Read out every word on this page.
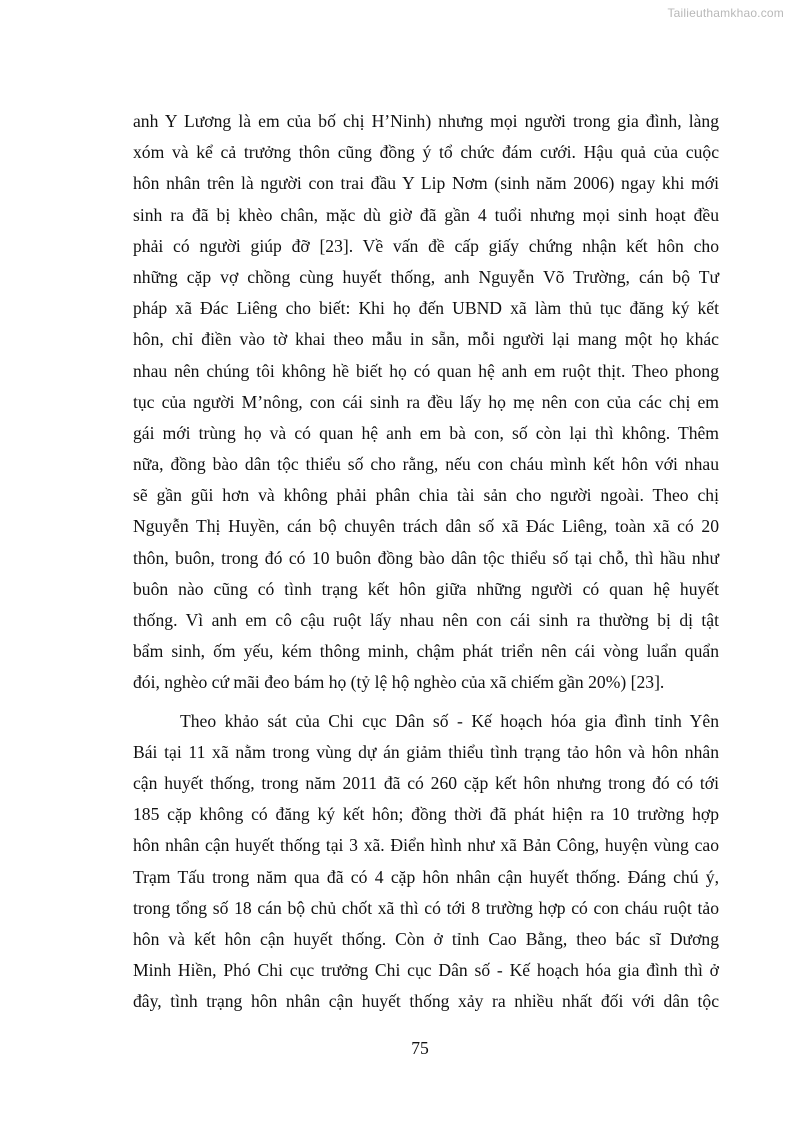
Tailieuthamkhao.com
anh Y Lương là em của bố chị H’Ninh) nhưng mọi người trong gia đình, làng
xóm và kể cả trưởng thôn cũng đồng ý tổ chức đám cưới. Hậu quả của cuộc
hôn nhân trên là người con trai đầu Y Lip Nơm (sinh năm 2006) ngay khi mới
sinh ra đã bị khèo chân, mặc dù giờ đã gần 4 tuổi nhưng mọi sinh hoạt đều
phải có người giúp đỡ [23]. Về vấn đề cấp giấy chứng nhận kết hôn cho
những cặp vợ chồng cùng huyết thống, anh Nguyễn Võ Trường, cán bộ Tư
pháp xã Đác Liêng cho biết: Khi họ đến UBND xã làm thủ tục đăng ký kết
hôn, chỉ điền vào tờ khai theo mẫu in sẵn, mỗi người lại mang một họ khác
nhau nên chúng tôi không hề biết họ có quan hệ anh em ruột thịt. Theo phong
tục của người M’nông, con cái sinh ra đều lấy họ mẹ nên con của các chị em
gái mới trùng họ và có quan hệ anh em bà con, số còn lại thì không. Thêm
nữa, đồng bào dân tộc thiểu số cho rằng, nếu con cháu mình kết hôn với nhau
sẽ gần gũi hơn và không phải phân chia tài sản cho người ngoài. Theo chị
Nguyễn Thị Huyền, cán bộ chuyên trách dân số xã Đác Liêng, toàn xã có 20
thôn, buôn, trong đó có 10 buôn đồng bào dân tộc thiểu số tại chỗ, thì hầu như
buôn nào cũng có tình trạng kết hôn giữa những người có quan hệ huyết
thống. Vì anh em cô cậu ruột lấy nhau nên con cái sinh ra thường bị dị tật
bẩm sinh, ốm yếu, kém thông minh, chậm phát triển nên cái vòng luẩn quẩn
đói, nghèo cứ mãi đeo bám họ (tỷ lệ hộ nghèo của xã chiếm gần 20%) [23].
Theo khảo sát của Chi cục Dân số - Kế hoạch hóa gia đình tỉnh Yên
Bái tại 11 xã nằm trong vùng dự án giảm thiểu tình trạng tảo hôn và hôn nhân
cận huyết thống, trong năm 2011 đã có 260 cặp kết hôn nhưng trong đó có tới
185 cặp không có đăng ký kết hôn; đồng thời đã phát hiện ra 10 trường hợp
hôn nhân cận huyết thống tại 3 xã. Điển hình như xã Bản Công, huyện vùng cao
Trạm Tấu trong năm qua đã có 4 cặp hôn nhân cận huyết thống. Đáng chú ý,
trong tổng số 18 cán bộ chủ chốt xã thì có tới 8 trường hợp có con cháu ruột tảo
hôn và kết hôn cận huyết thống. Còn ở tỉnh Cao Bằng, theo bác sĩ Dương
Minh Hiền, Phó Chi cục trưởng Chi cục Dân số - Kế hoạch hóa gia đình thì ở
đây, tình trạng hôn nhân cận huyết thống xảy ra nhiều nhất đối với dân tộc
75
